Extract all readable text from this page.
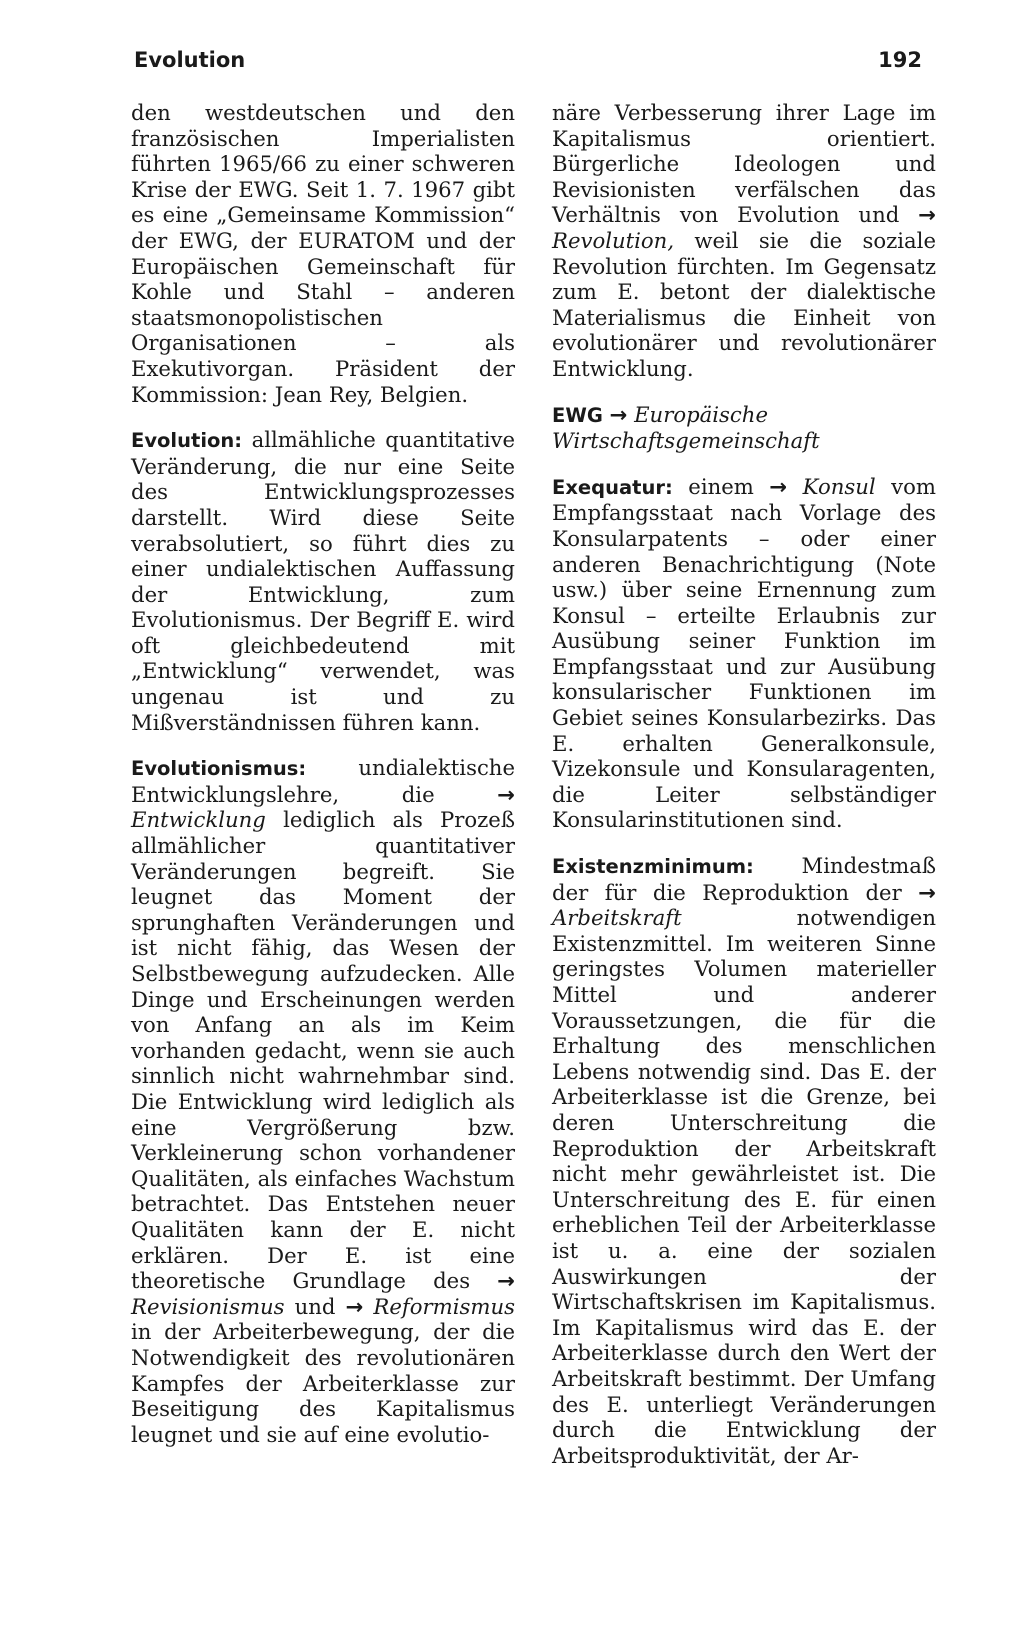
Evolution	192

den westdeutschen und den französischen Imperialisten führten 1965/66 zu einer schweren Krise der EWG. Seit 1. 7. 1967 gibt es eine „Gemeinsame Kommission“ der EWG, der EURATOM und der Europäischen Gemeinschaft für Kohle und Stahl – anderen staatsmonopolistischen Organisationen – als Exekutivorgan. Präsident der Kommission: Jean Rey, Belgien.

Evolution: allmähliche quantitative Veränderung, die nur eine Seite des Entwicklungsprozesses darstellt. Wird diese Seite verabsolutiert, so führt dies zu einer undialektischen Auffassung der Entwicklung, zum Evolutionismus. Der Begriff E. wird oft gleichbedeutend mit „Entwicklung“ verwendet, was ungenau ist und zu Mißverständnissen führen kann.

Evolutionismus: undialektische Entwicklungslehre, die → Entwicklung lediglich als Prozeß allmählicher quantitativer Veränderungen begreift. Sie leugnet das Moment der sprunghaften Veränderungen und ist nicht fähig, das Wesen der Selbstbewegung aufzudecken. Alle Dinge und Erscheinungen werden von Anfang an als im Keim vorhanden gedacht, wenn sie auch sinnlich nicht wahrnehmbar sind. Die Entwicklung wird lediglich als eine Vergrößerung bzw. Verkleinerung schon vorhandener Qualitäten, als einfaches Wachstum betrachtet. Das Entstehen neuer Qualitäten kann der E. nicht erklären. Der E. ist eine theoretische Grundlage des → Revisionismus und → Reformismus in der Arbeiterbewegung, der die Notwendigkeit des revolutionären Kampfes der Arbeiterklasse zur Beseitigung des Kapitalismus leugnet und sie auf eine evolutio-

näre Verbesserung ihrer Lage im Kapitalismus orientiert. Bürgerliche Ideologen und Revisionisten verfälschen das Verhältnis von Evolution und → Revolution, weil sie die soziale Revolution fürchten. Im Gegensatz zum E. betont der dialektische Materialismus die Einheit von evolutionärer und revolutionärer Entwicklung.

EWG → Europäische Wirtschaftsgemeinschaft

Exequatur: einem → Konsul vom Empfangsstaat nach Vorlage des Konsularpatents – oder einer anderen Benachrichtigung (Note usw.) über seine Ernennung zum Konsul – erteilte Erlaubnis zur Ausübung seiner Funktion im Empfangsstaat und zur Ausübung konsularischer Funktionen im Gebiet seines Konsularbezirks. Das E. erhalten Generalkonsule, Vizekonsule und Konsularagenten, die Leiter selbständiger Konsularinstitutionen sind.

Existenzminimum: Mindestmaß der für die Reproduktion der → Arbeitskraft notwendigen Existenzmittel. Im weiteren Sinne geringstes Volumen materieller Mittel und anderer Voraussetzungen, die für die Erhaltung des menschlichen Lebens notwendig sind. Das E. der Arbeiterklasse ist die Grenze, bei deren Unterschreitung die Reproduktion der Arbeitskraft nicht mehr gewährleistet ist. Die Unterschreitung des E. für einen erheblichen Teil der Arbeiterklasse ist u. a. eine der sozialen Auswirkungen der Wirtschaftskrisen im Kapitalismus. Im Kapitalismus wird das E. der Arbeiterklasse durch den Wert der Arbeitskraft bestimmt. Der Umfang des E. unterliegt Veränderungen durch die Entwicklung der Arbeitsproduktivität, der Ar-
